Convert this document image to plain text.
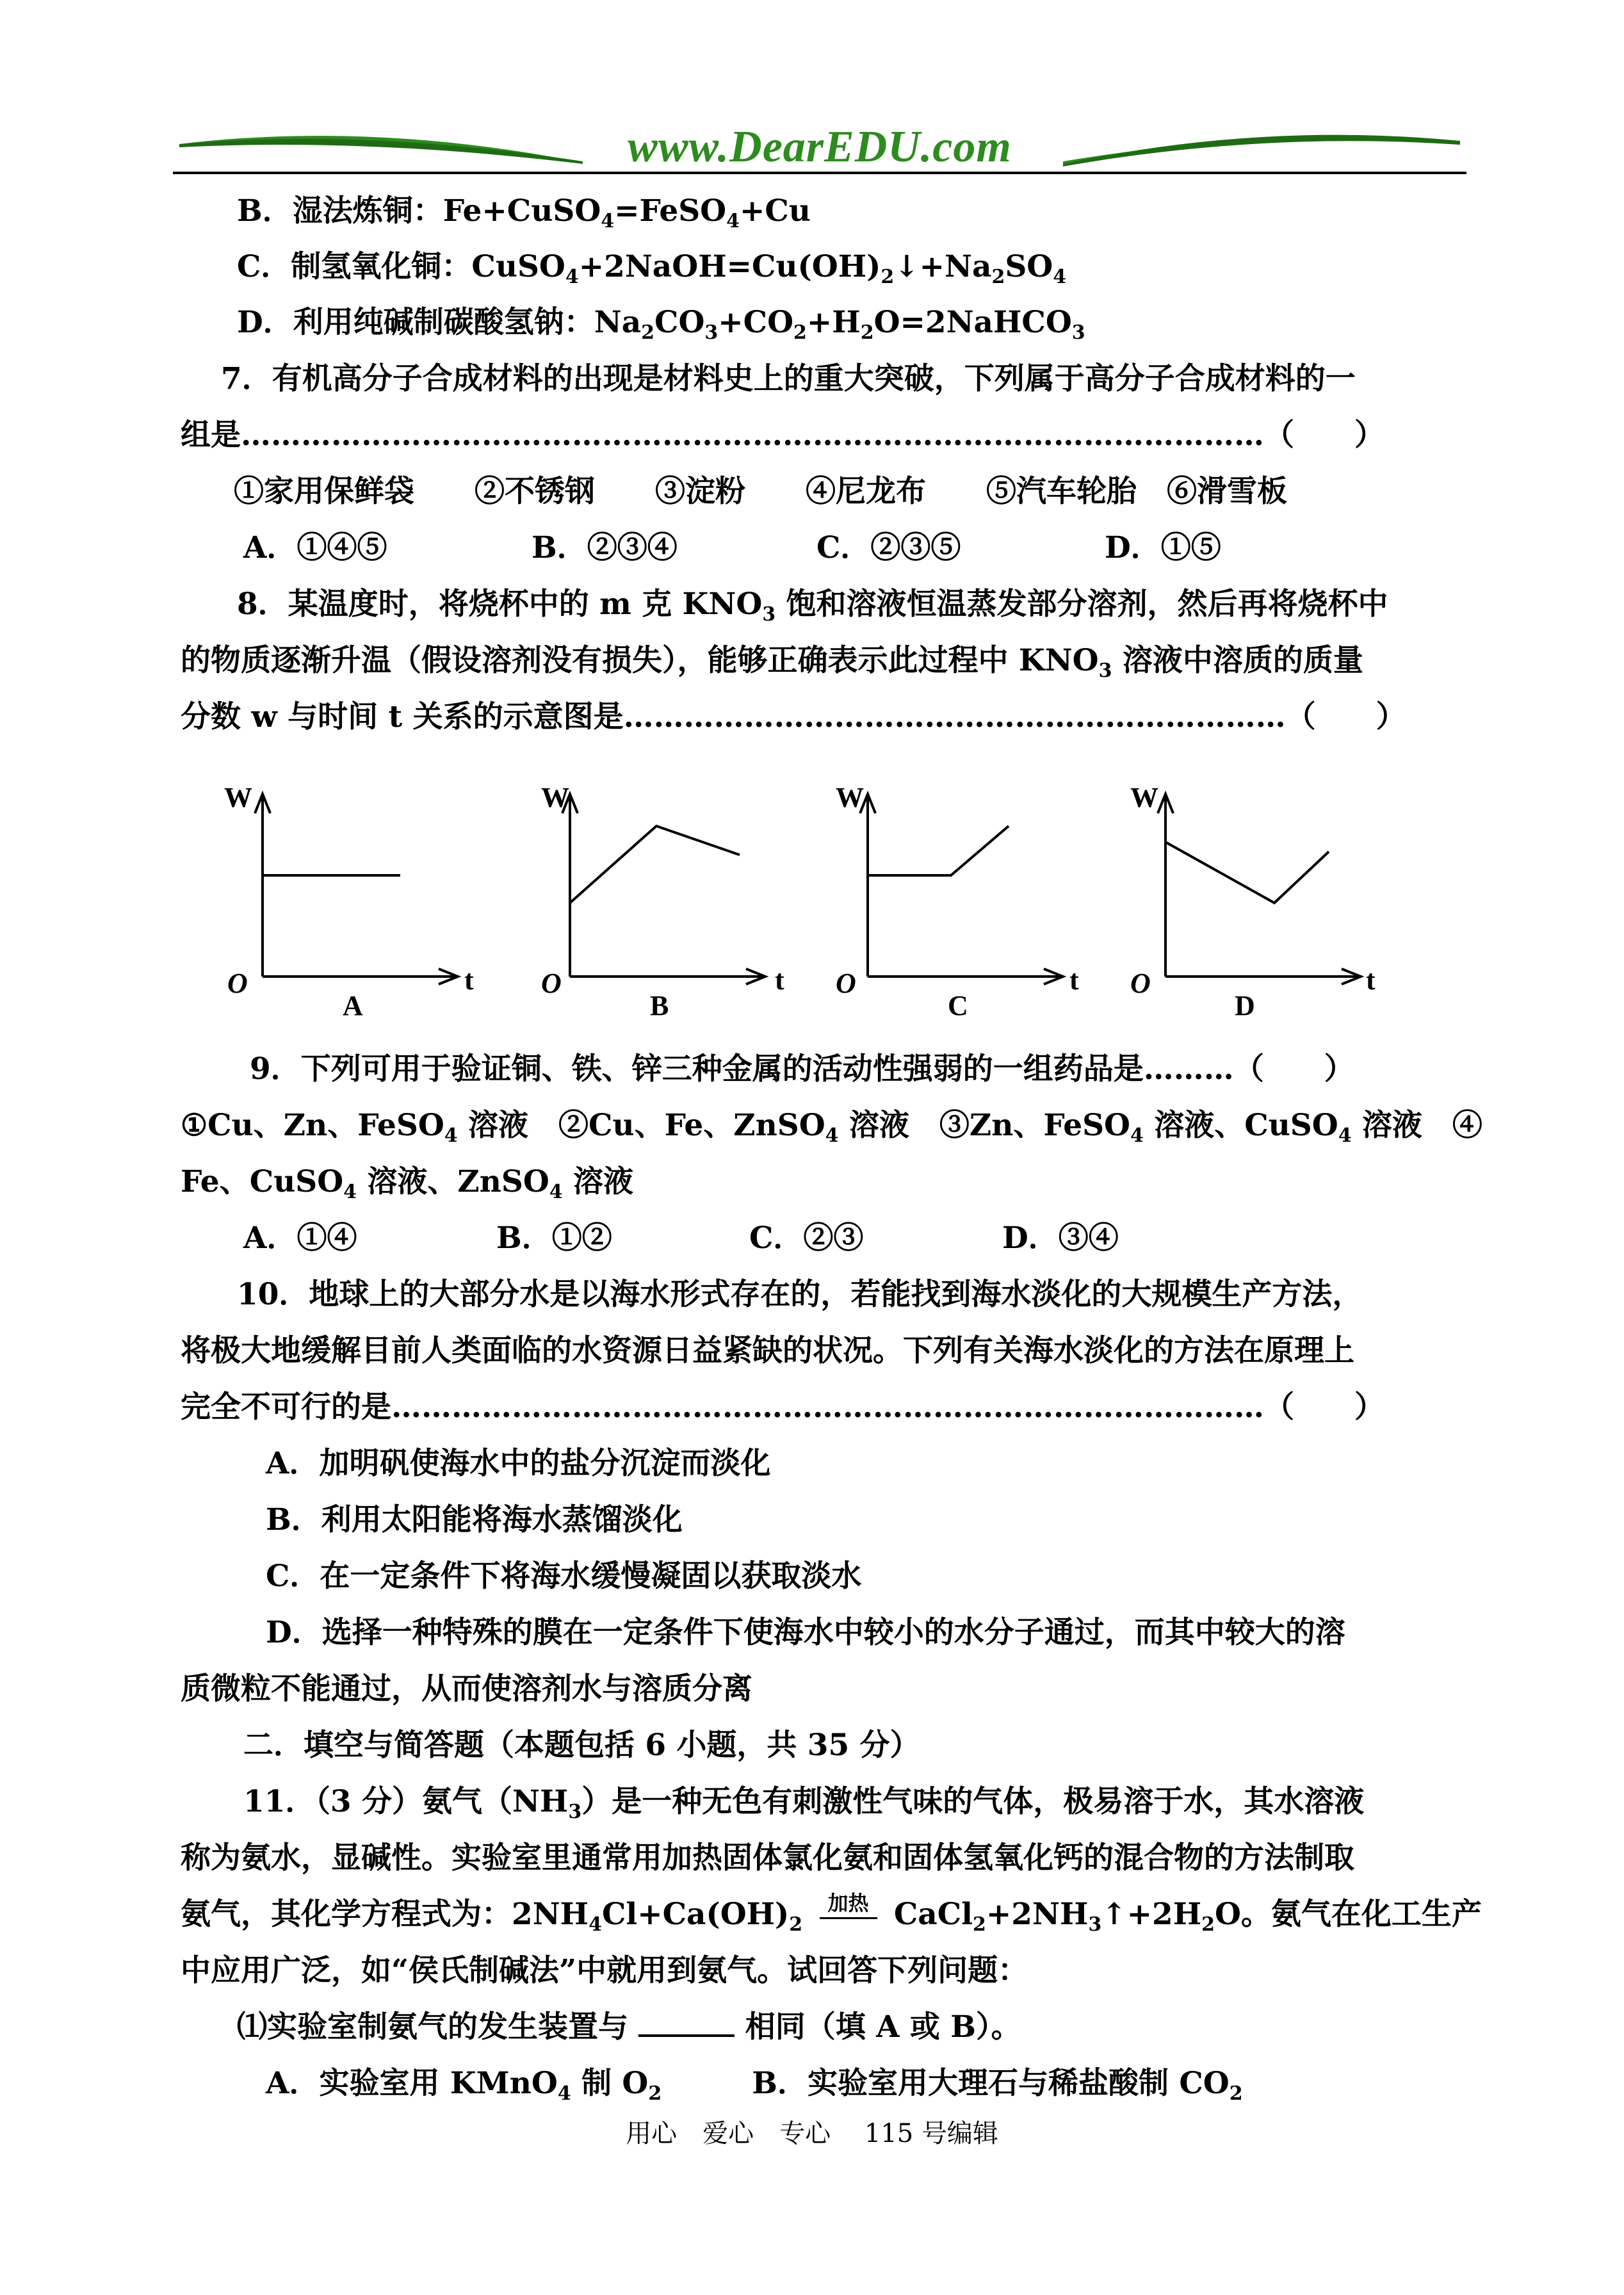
www.DearEDU.com
B．湿法炼铜：Fe+CuSO$_4$=FeSO$_4$+Cu
C．制氢氧化铜：$CuSO_4+2NaOH=Cu(OH)_2↓+Na_2SO_4$
D．利用纯碱制碳酸氢钠：$Na_2CO_3+CO_2+H_2O=2NaHCO_3$
7．有机高分子合成材料的出现是材料史上的重大突破，下列属于高分子合成材料的一
组是…………………………………………………………………………………………（　　）
①家用保鲜袋　　②不锈钢　　③淀粉　　④尼龙布　　⑤汽车轮胎　⑥滑雪板
A．①④⑤	B．②③④	C．②③⑤	D．①⑤
8．某温度时，将烧杯中的 m 克 $KNO_3$ 饱和溶液恒温蒸发部分溶剂，然后再将烧杯中
的物质逐渐升温（假设溶剂没有损失），能够正确表示此过程中 $KNO_3$ 溶液中溶质的质量
分数 w 与时间 t 关系的示意图是…………………………………………………………（　　）
W
O	t
A
W
O	t
B
W
O	t
C
W
O	t
D
9．下列可用于验证铜、铁、锌三种金属的活动性强弱的一组药品是………（　　）
①Cu、Zn、FeSO$_4$ 溶液　②Cu、Fe、ZnSO$_4$ 溶液　③Zn、FeSO$_4$ 溶液、CuSO$_4$ 溶液　④
Fe、CuSO$_4$ 溶液、ZnSO$_4$ 溶液
A．①④	B．①②	C．②③	D．③④
10．地球上的大部分水是以海水形式存在的，若能找到海水淡化的大规模生产方法，
将极大地缓解目前人类面临的水资源日益紧缺的状况。下列有关海水淡化的方法在原理上
完全不可行的是……………………………………………………………………………（　　）
A．加明矾使海水中的盐分沉淀而淡化
B．利用太阳能将海水蒸馏淡化
C．在一定条件下将海水缓慢凝固以获取淡水
D．选择一种特殊的膜在一定条件下使海水中较小的水分子通过，而其中较大的溶
质微粒不能通过，从而使溶剂水与溶质分离
二．填空与简答题（本题包括 6 小题，共 35 分）
11．（3 分）氨气$(NH_3)$是一种无色有刺激性气味的气体，极易溶于水，其水溶液
称为氨水，显碱性。实验室里通常用加热固体氯化氨和固体氢氧化钙的混合物的方法制取
氨气，其化学方程式为：$2NH_4Cl+Ca(OH)_2$ $^{加热}$ $CaCl_2+2NH_3↑+2H_2O$。氨气在化工生产
中应用广泛，如“侯氏制碱法”中就用到氨气。试回答下列问题：
⑴实验室制氨气的发生装置与	相同（填 A 或 B）。
A．实验室用 KMnO$_4$ 制 $O_2$　　　B．实验室用大理石与稀盐酸制 $CO_2$
用心　爱心　专心　 115 号编辑
